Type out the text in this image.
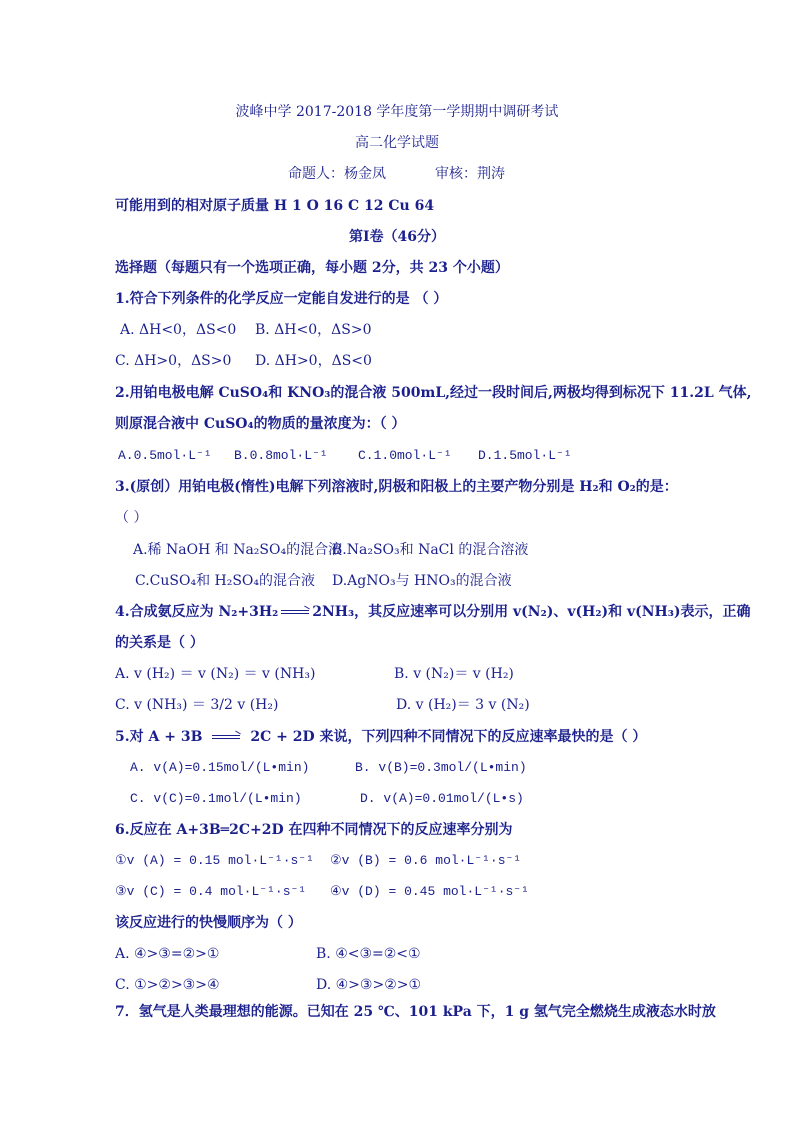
波峰中学 2017-2018 学年度第一学期期中调研考试
高二化学试题
命题人：杨金凤	审核：荆涛
可能用到的相对原子质量 H 1 O 16 C 12 Cu 64
第Ⅰ卷（46分）
选择题（每题只有一个选项正确，每小题 2分，共 23 个小题）
1.符合下列条件的化学反应一定能自发进行的是 （ ）
A. ΔH<0，ΔS<0 B. ΔH<0，ΔS>0
C. ΔH>0，ΔS>0 D. ΔH>0，ΔS<0
2.用铂电极电解 CuSO₄和 KNO₃的混合液 500mL,经过一段时间后,两极均得到标况下 11.2L 气体,
则原混合液中 CuSO₄的物质的量浓度为：（ ）
A.0.5mol·L⁻¹ B.0.8mol·L⁻¹ C.1.0mol·L⁻¹ D.1.5mol·L⁻¹
3.(原创）用铂电极(惰性)电解下列溶液时,阴极和阳极上的主要产物分别是 H₂和 O₂的是：
（ ）
A.稀 NaOH 和 Na₂SO₄的混合液
B.Na₂SO₃和 NaCl 的混合溶液
C.CuSO₄和 H₂SO₄的混合液 D.AgNO₃与 HNO₃的混合液
4.合成氨反应为 N₂+3H₂ → 2NH₃，其反应速率可以分别用 v(N₂)、v(H₂)和 v(NH₃)表示，正确
的关系是（ ）
A. v (H₂) ＝ v (N₂) ＝ v (NH₃)	B. v (N₂)＝ v (H₂)
C. v (NH₃) ＝ 3/2 v (H₂)	D. v (H₂)＝ 3 v (N₂)
5.对 A + 3B → 2C + 2D 来说，下列四种不同情况下的反应速率最快的是（ ）
A. v(A)=0.15mol/(L•min)	B. v(B)=0.3mol/(L•min)
C. v(C)=0.1mol/(L•min)	D. v(A)=0.01mol/(L•s)
6.反应在 A+3B═2C+2D 在四种不同情况下的反应速率分别为
①v (A) = 0.15 mol·L⁻¹·s⁻¹ ②v (B) = 0.6 mol·L⁻¹·s⁻¹
③v (C) = 0.4 mol·L⁻¹·s⁻¹ ④v (D) = 0.45 mol·L⁻¹·s⁻¹
该反应进行的快慢顺序为（ ）
A. ④>③=②>①	B. ④<③=②<①
C. ①>②>③>④	D. ④>③>②>①
7．氢气是人类最理想的能源。已知在 25 ℃、101 kPa 下，1 g 氢气完全燃烧生成液态水时放
